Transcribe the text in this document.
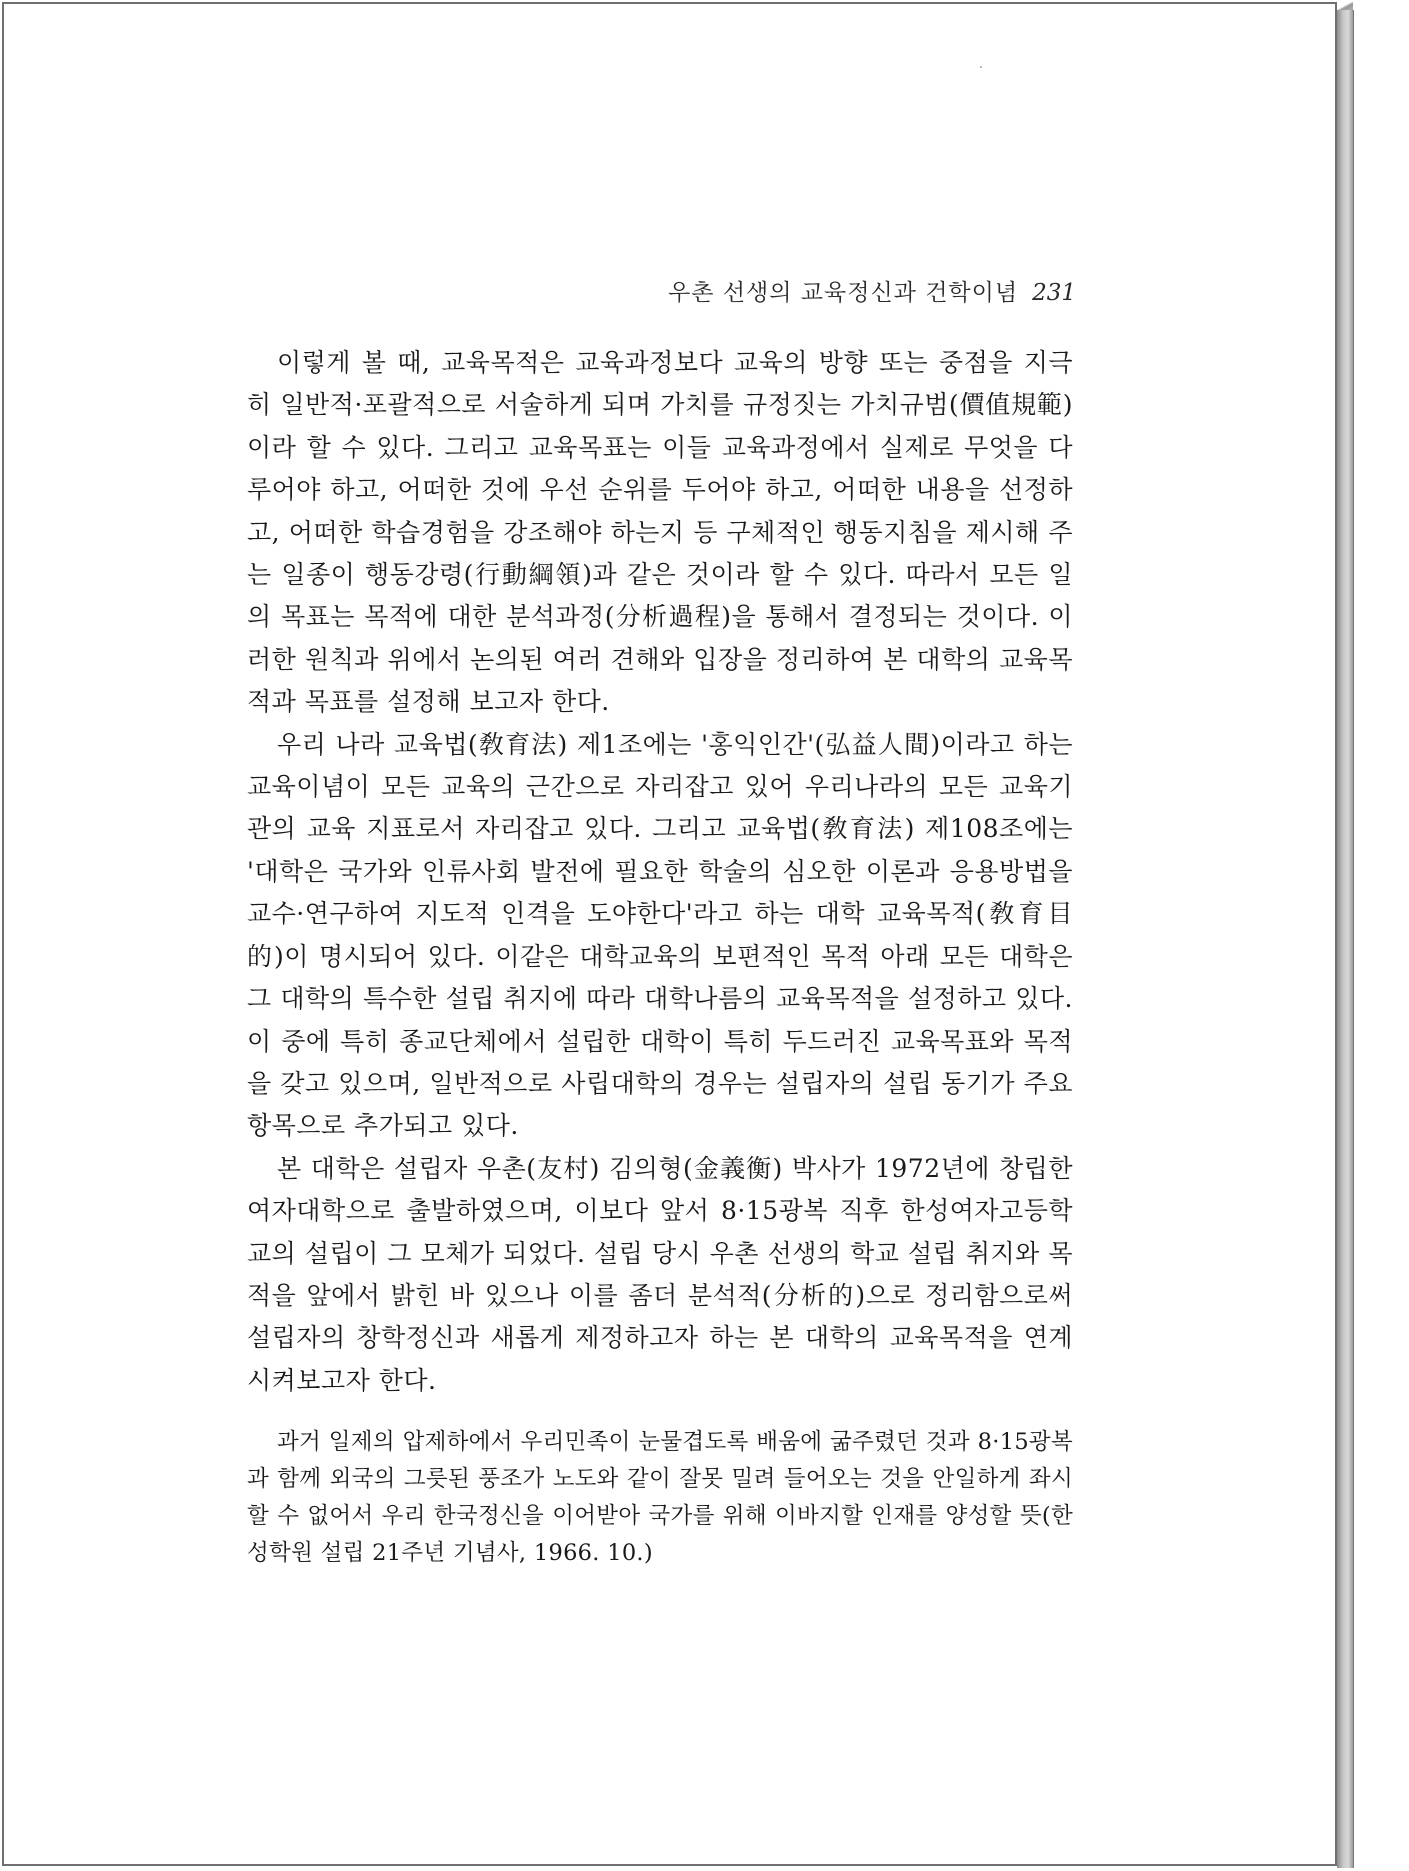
우촌 선생의 교육정신과 건학이념 231

이렇게 볼 때, 교육목적은 교육과정보다 교육의 방향 또는 중점을 지극히 일반적·포괄적으로 서술하게 되며 가치를 규정짓는 가치규범(價值規範)이라 할 수 있다. 그리고 교육목표는 이들 교육과정에서 실제로 무엇을 다루어야 하고, 어떠한 것에 우선 순위를 두어야 하고, 어떠한 내용을 선정하고, 어떠한 학습경험을 강조해야 하는지 등 구체적인 행동지침을 제시해 주는 일종이 행동강령(行動綱領)과 같은 것이라 할 수 있다. 따라서 모든 일의 목표는 목적에 대한 분석과정(分析過程)을 통해서 결정되는 것이다. 이러한 원칙과 위에서 논의된 여러 견해와 입장을 정리하여 본 대학의 교육목적과 목표를 설정해 보고자 한다.

우리 나라 교육법(敎育法) 제1조에는 '홍익인간'(弘益人間)이라고 하는 교육이념이 모든 교육의 근간으로 자리잡고 있어 우리나라의 모든 교육기관의 교육 지표로서 자리잡고 있다. 그리고 교육법(敎育法) 제108조에는 '대학은 국가와 인류사회 발전에 필요한 학술의 심오한 이론과 응용방법을 교수·연구하여 지도적 인격을 도야한다'라고 하는 대학 교육목적(敎育目的)이 명시되어 있다. 이같은 대학교육의 보편적인 목적 아래 모든 대학은 그 대학의 특수한 설립 취지에 따라 대학나름의 교육목적을 설정하고 있다. 이 중에 특히 종교단체에서 설립한 대학이 특히 두드러진 교육목표와 목적을 갖고 있으며, 일반적으로 사립대학의 경우는 설립자의 설립 동기가 주요 항목으로 추가되고 있다.

본 대학은 설립자 우촌(友村) 김의형(金義衡) 박사가 1972년에 창립한 여자대학으로 출발하였으며, 이보다 앞서 8·15광복 직후 한성여자고등학교의 설립이 그 모체가 되었다. 설립 당시 우촌 선생의 학교 설립 취지와 목적을 앞에서 밝힌 바 있으나 이를 좀더 분석적(分析的)으로 정리함으로써 설립자의 창학정신과 새롭게 제정하고자 하는 본 대학의 교육목적을 연계시켜보고자 한다.

과거 일제의 압제하에서 우리민족이 눈물겹도록 배움에 굶주렸던 것과 8·15광복과 함께 외국의 그릇된 풍조가 노도와 같이 잘못 밀려 들어오는 것을 안일하게 좌시할 수 없어서 우리 한국정신을 이어받아 국가를 위해 이바지할 인재를 양성할 뜻(한성학원 설립 21주년 기념사, 1966. 10.)
